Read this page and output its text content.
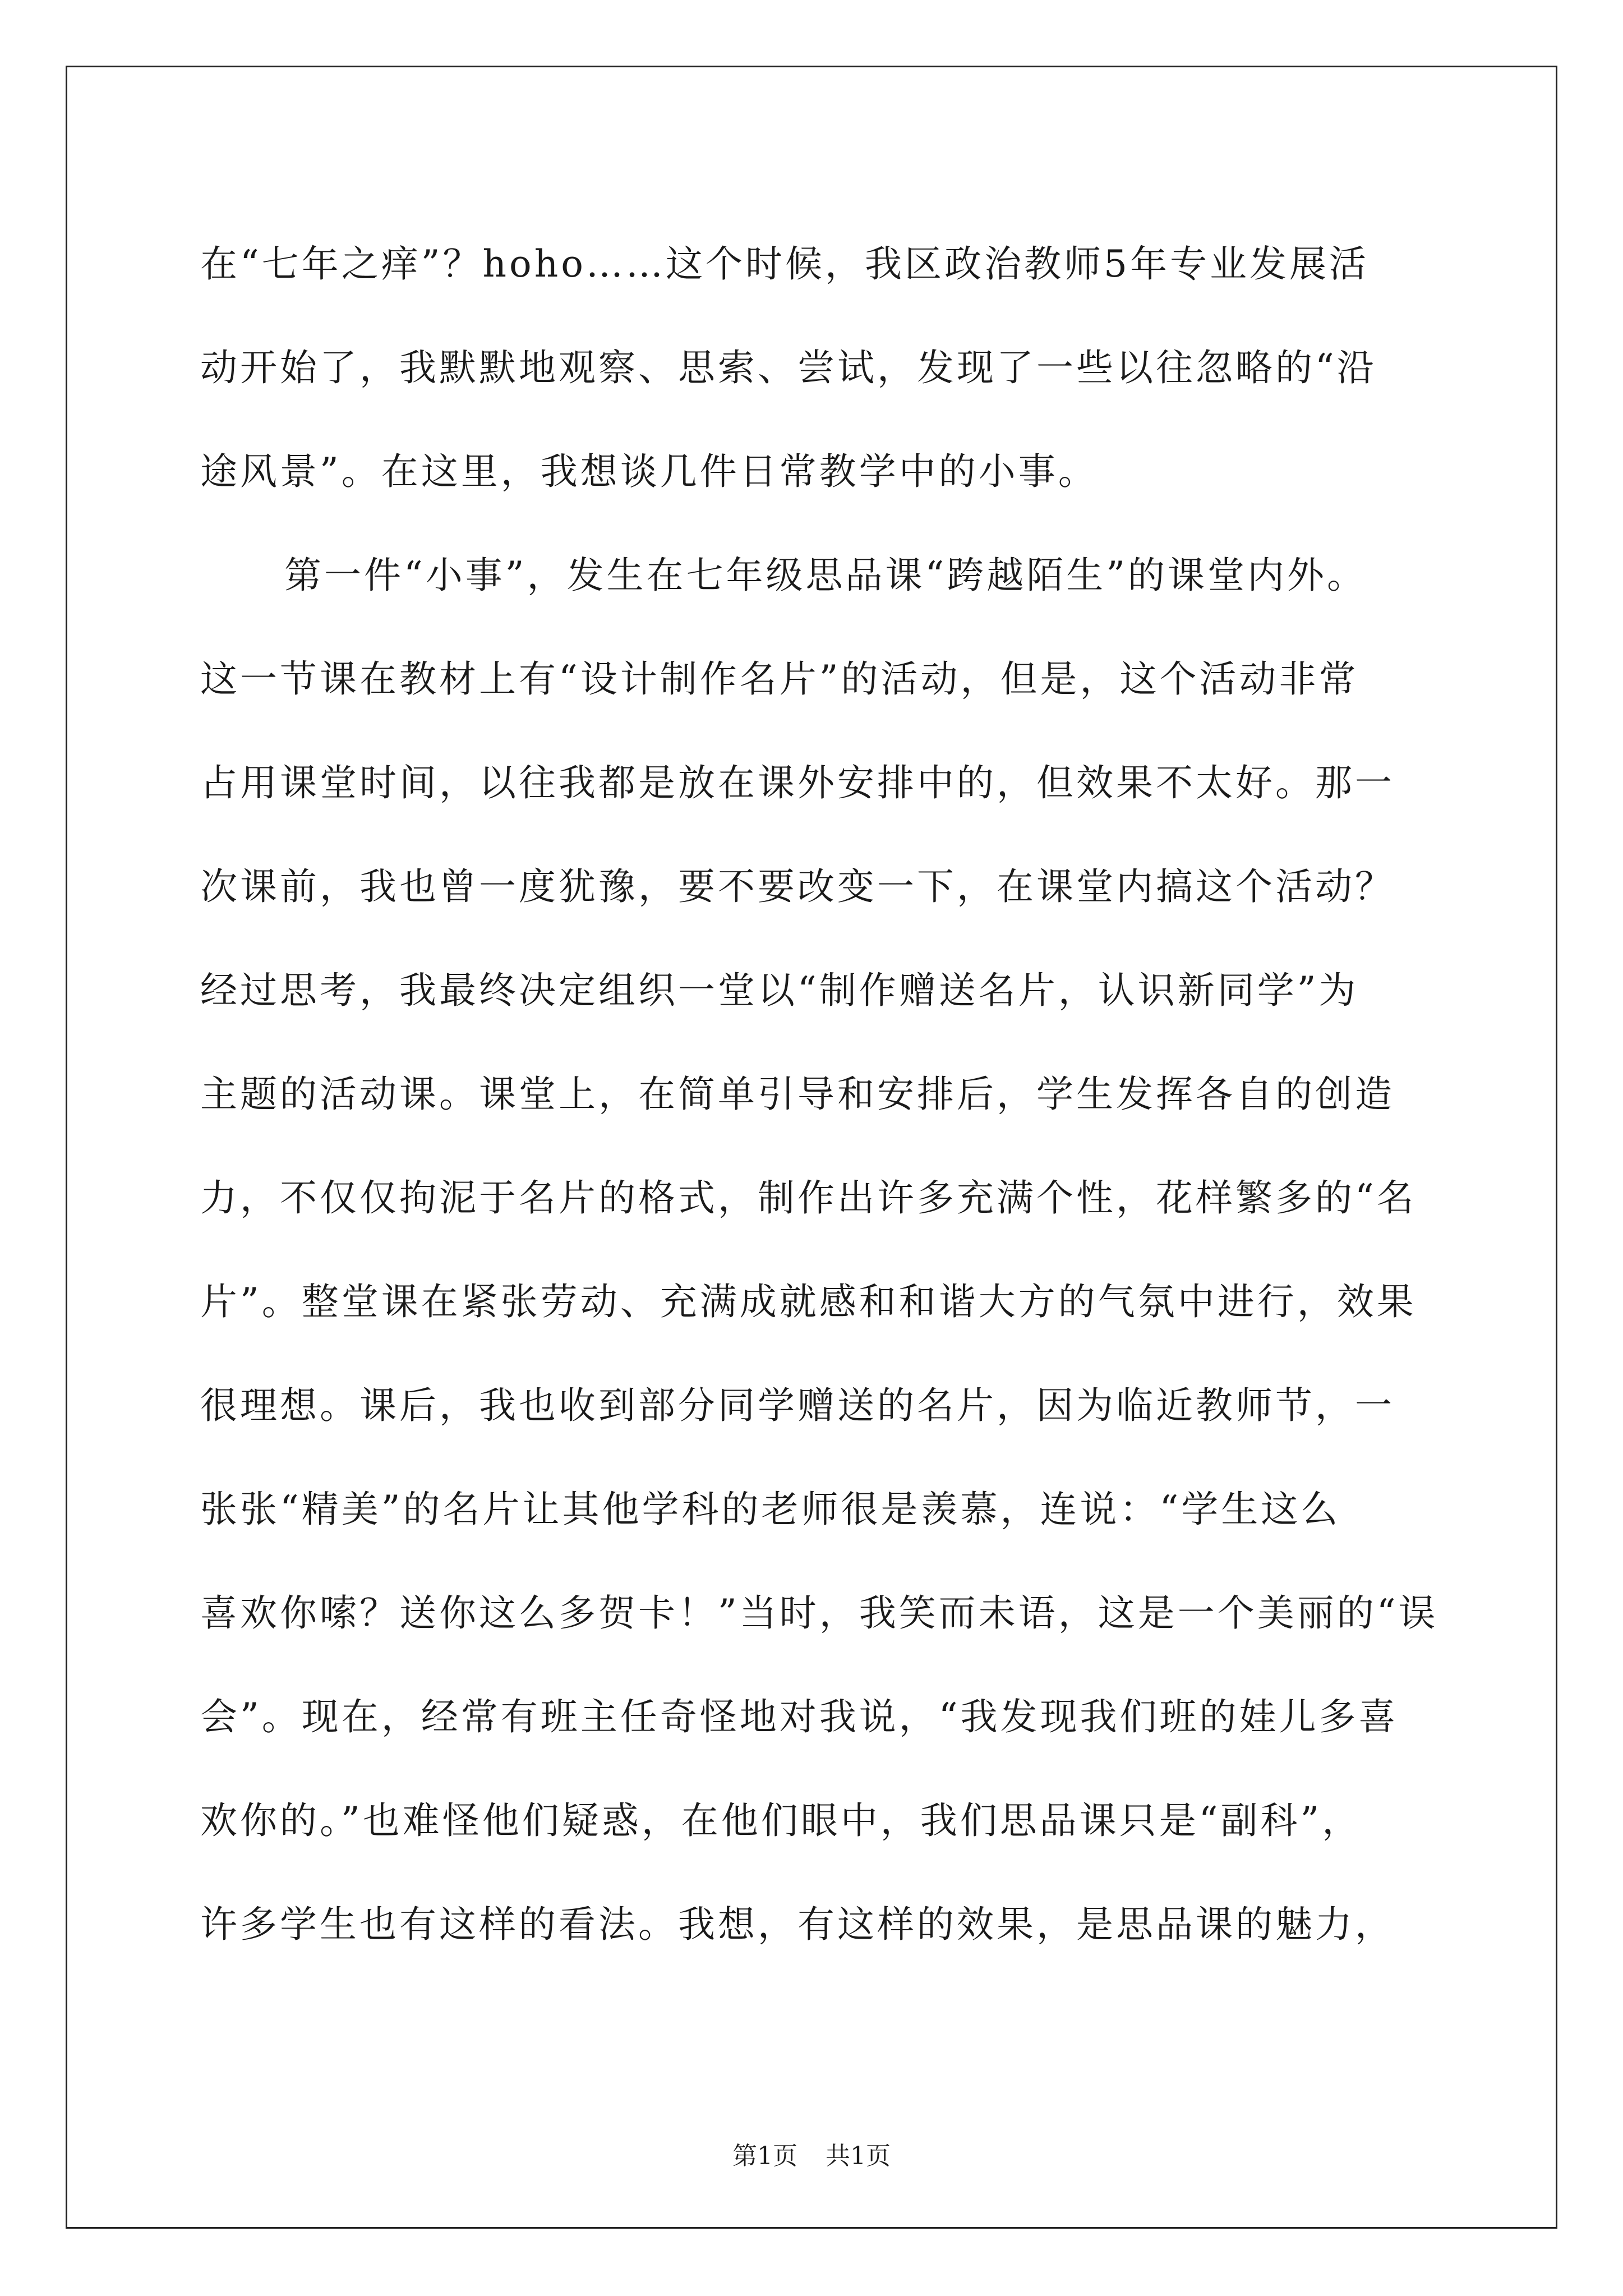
在“七年之痒”？hoho……这个时候，我区政治教师5年专业发展活
动开始了，我默默地观察、思索、尝试，发现了一些以往忽略的“沿
途风景”。在这里，我想谈几件日常教学中的小事。
第一件“小事”，发生在七年级思品课“跨越陌生”的课堂内外。
这一节课在教材上有“设计制作名片”的活动，但是，这个活动非常
占用课堂时间，以往我都是放在课外安排中的，但效果不太好。那一
次课前，我也曾一度犹豫，要不要改变一下，在课堂内搞这个活动？
经过思考，我最终决定组织一堂以“制作赠送名片，认识新同学”为
主题的活动课。课堂上，在简单引导和安排后，学生发挥各自的创造
力，不仅仅拘泥于名片的格式，制作出许多充满个性，花样繁多的“名
片”。整堂课在紧张劳动、充满成就感和和谐大方的气氛中进行，效果
很理想。课后，我也收到部分同学赠送的名片，因为临近教师节，一
张张“精美”的名片让其他学科的老师很是羡慕，连说：“学生这么
喜欢你嗦？送你这么多贺卡！”当时，我笑而未语，这是一个美丽的“误
会”。现在，经常有班主任奇怪地对我说，“我发现我们班的娃儿多喜
欢你的。”也难怪他们疑惑，在他们眼中，我们思品课只是“副科”，
许多学生也有这样的看法。我想，有这样的效果，是思品课的魅力，
第1页 共1页
